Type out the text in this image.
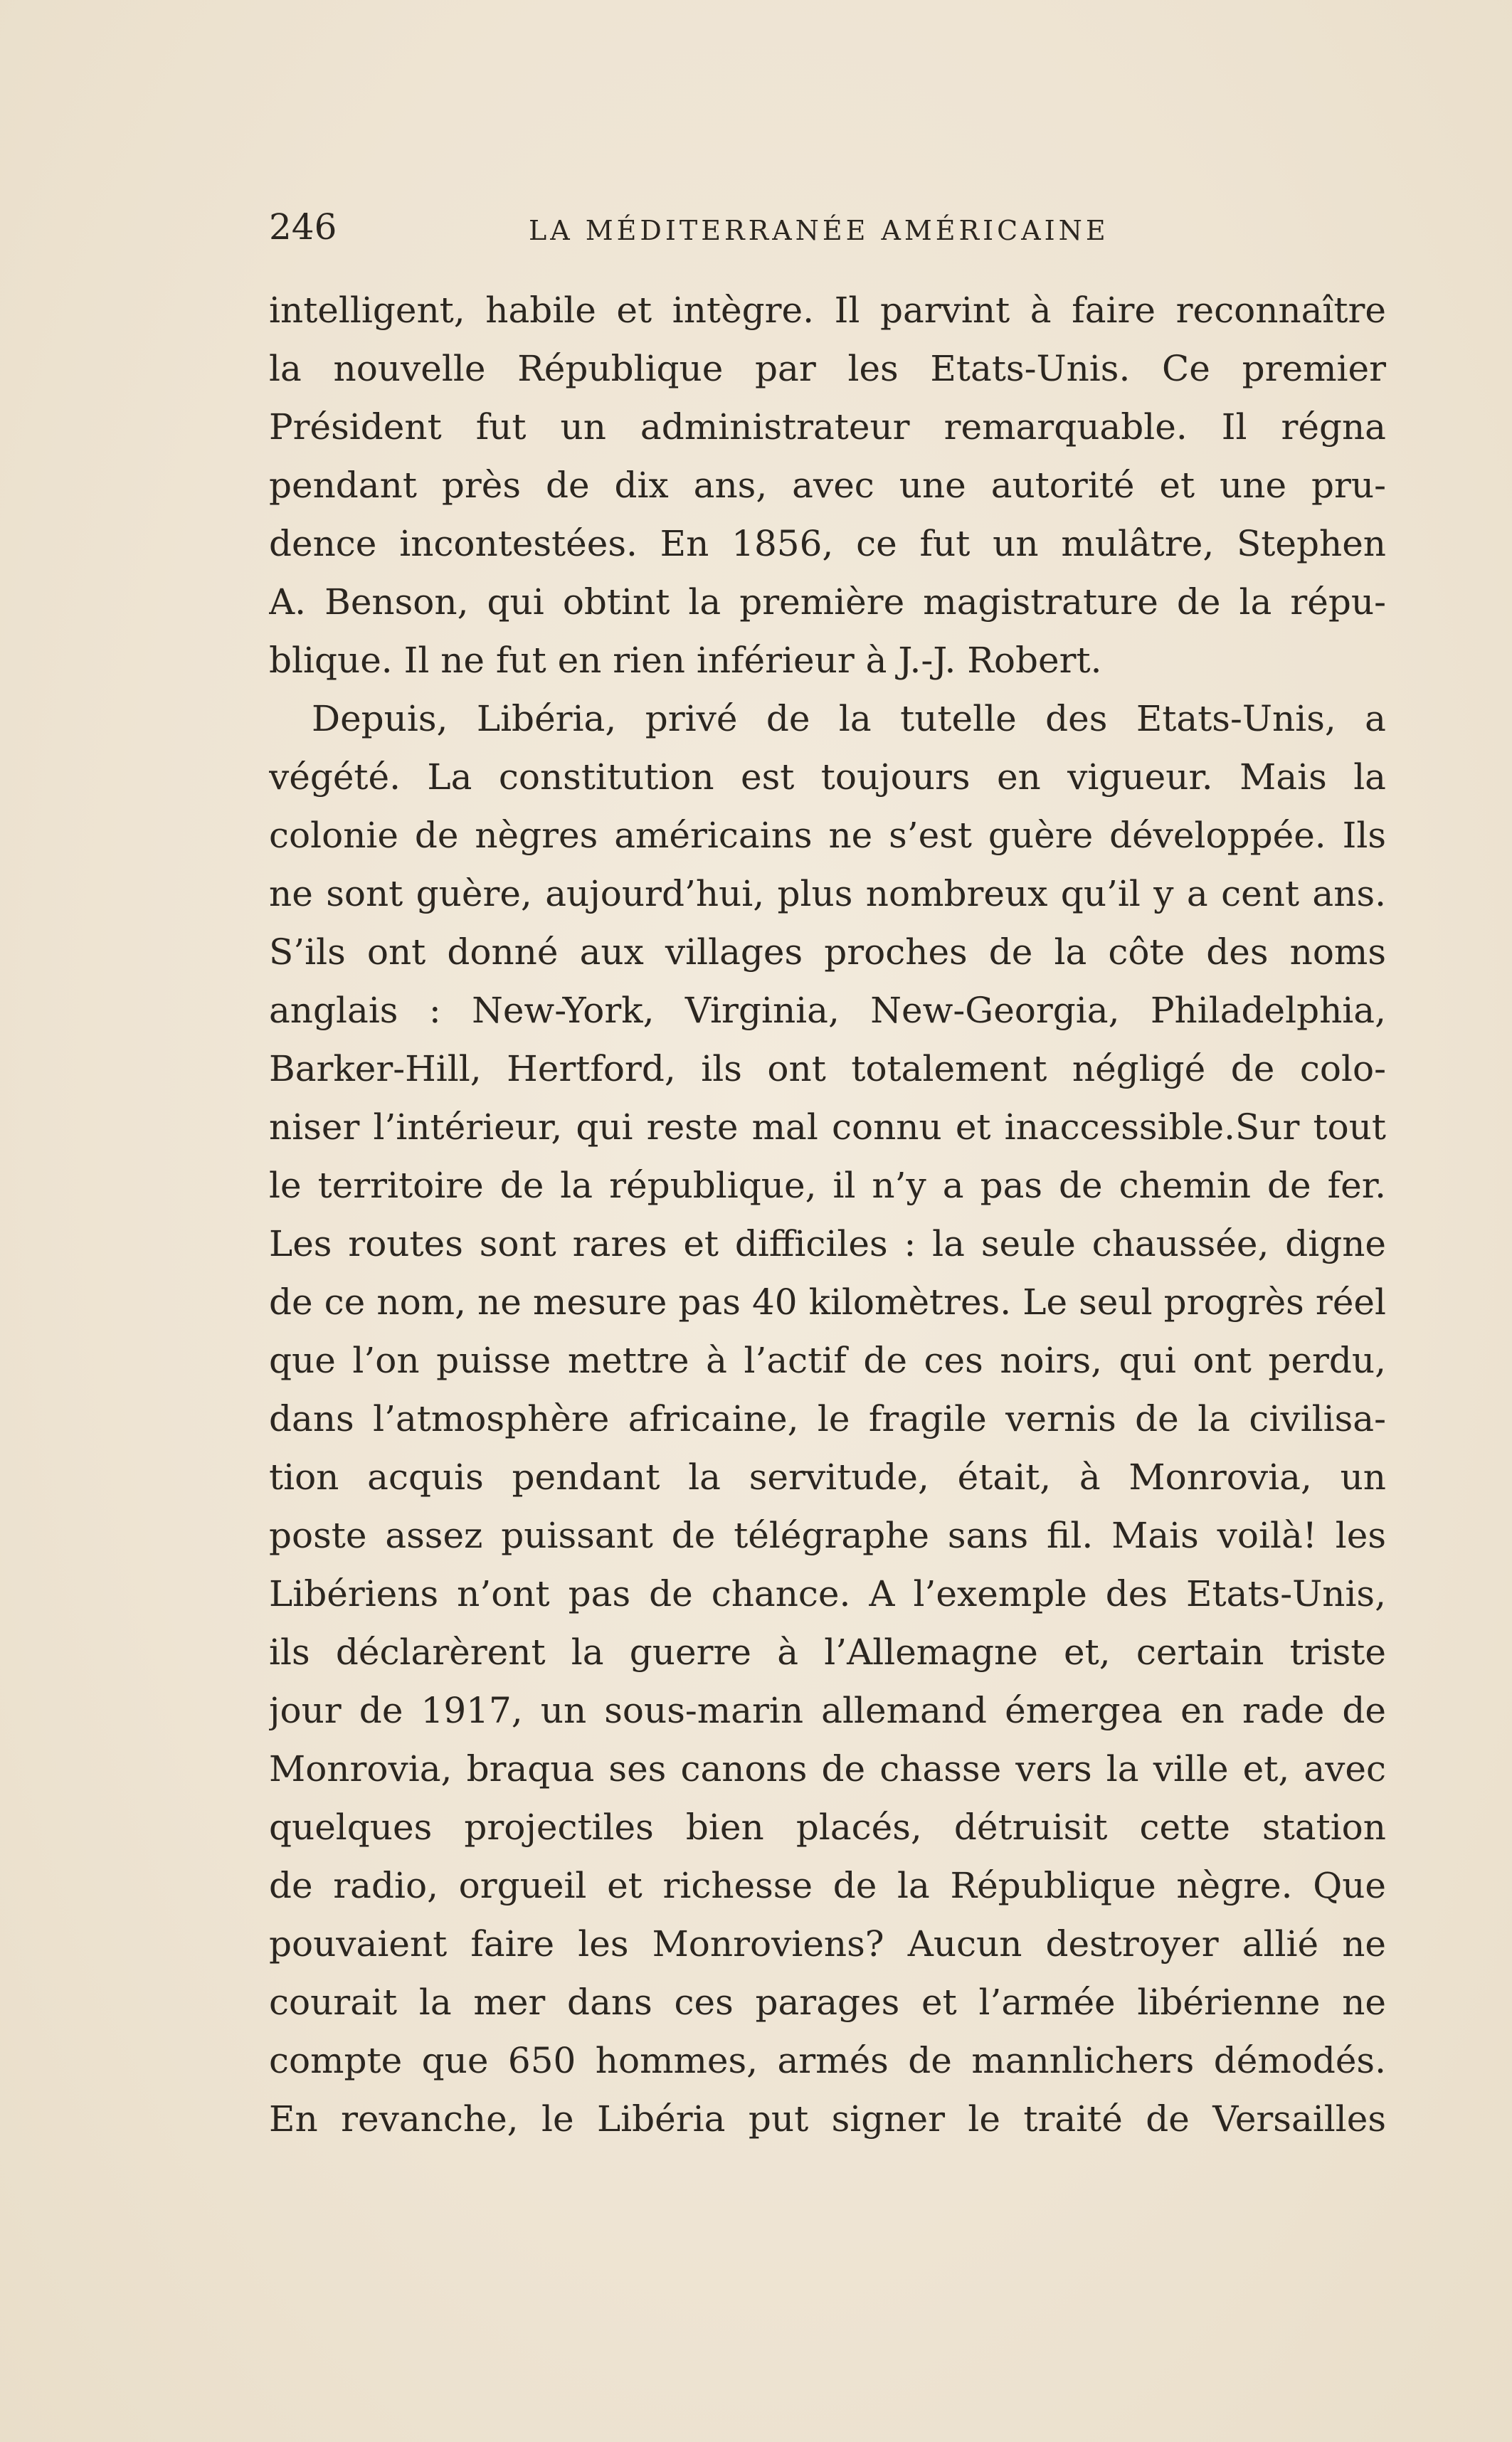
246	LA MÉDITERRANÉE AMÉRICAINE
intelligent, habile et intègre. Il parvint à faire reconnaître
la nouvelle République par les Etats-Unis. Ce premier
Président fut un administrateur remarquable. Il régna
pendant près de dix ans, avec une autorité et une pru-
dence incontestées. En 1856, ce fut un mulâtre, Stephen
A. Benson, qui obtint la première magistrature de la répu-
blique. Il ne fut en rien inférieur à J.-J. Robert.
Depuis, Libéria, privé de la tutelle des Etats-Unis, a
végété. La constitution est toujours en vigueur. Mais la
colonie de nègres américains ne s’est guère développée. Ils
ne sont guère, aujourd’hui, plus nombreux qu’il y a cent ans.
S’ils ont donné aux villages proches de la côte des noms
anglais : New-York, Virginia, New-Georgia, Philadelphia,
Barker-Hill, Hertford, ils ont totalement négligé de colo-
niser l’intérieur, qui reste mal connu et inaccessible.Sur tout
le territoire de la république, il n’y a pas de chemin de fer.
Les routes sont rares et difficiles : la seule chaussée, digne
de ce nom, ne mesure pas 40 kilomètres. Le seul progrès réel
que l’on puisse mettre à l’actif de ces noirs, qui ont perdu,
dans l’atmosphère africaine, le fragile vernis de la civilisa-
tion acquis pendant la servitude, était, à Monrovia, un
poste assez puissant de télégraphe sans fil. Mais voilà! les
Libériens n’ont pas de chance. A l’exemple des Etats-Unis,
ils déclarèrent la guerre à l’Allemagne et, certain triste
jour de 1917, un sous-marin allemand émergea en rade de
Monrovia, braqua ses canons de chasse vers la ville et, avec
quelques projectiles bien placés, détruisit cette station
de radio, orgueil et richesse de la République nègre. Que
pouvaient faire les Monroviens? Aucun destroyer allié ne
courait la mer dans ces parages et l’armée libérienne ne
compte que 650 hommes, armés de mannlichers démodés.
En revanche, le Libéria put signer le traité de Versailles
